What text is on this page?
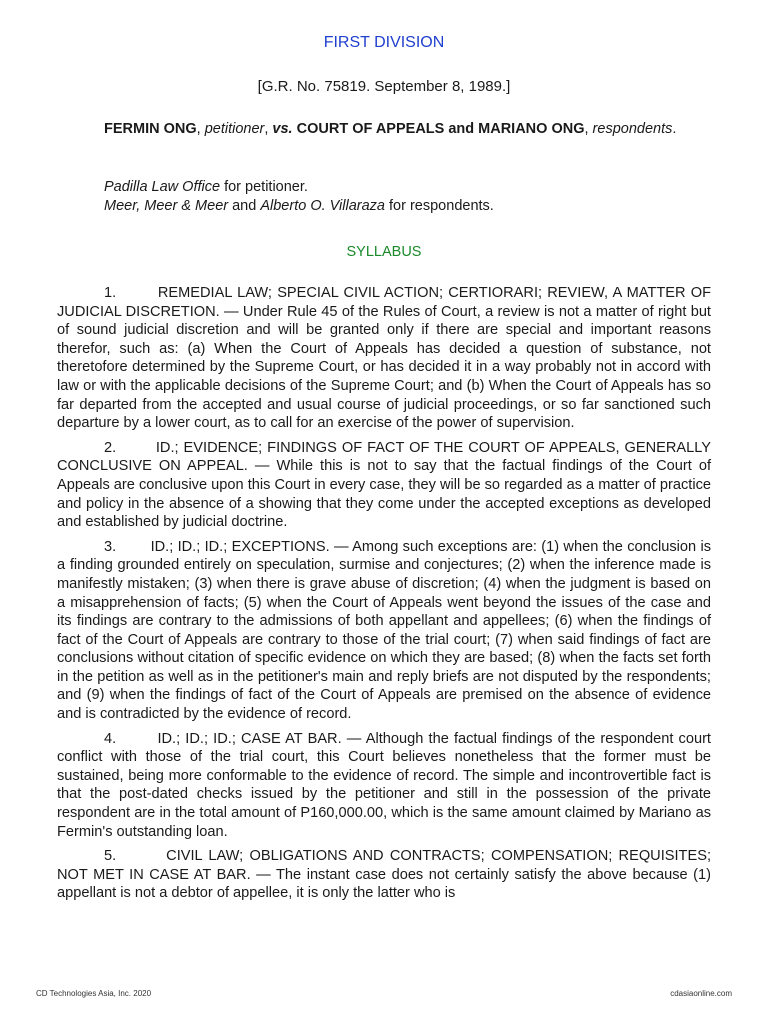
FIRST DIVISION
[G.R. No. 75819. September 8, 1989.]
FERMIN ONG, petitioner, vs. COURT OF APPEALS and MARIANO ONG, respondents.
Padilla Law Office for petitioner.
Meer, Meer & Meer and Alberto O. Villaraza for respondents.
SYLLABUS

1.        REMEDIAL LAW; SPECIAL CIVIL ACTION; CERTIORARI; REVIEW, A MATTER OF JUDICIAL DISCRETION. — Under Rule 45 of the Rules of Court, a review is not a matter of right but of sound judicial discretion and will be granted only if there are special and important reasons therefor, such as: (a) When the Court of Appeals has decided a question of substance, not theretofore determined by the Supreme Court, or has decided it in a way probably not in accord with law or with the applicable decisions of the Supreme Court; and (b) When the Court of Appeals has so far departed from the accepted and usual course of judicial proceedings, or so far sanctioned such departure by a lower court, as to call for an exercise of the power of supervision.

2.        ID.; EVIDENCE; FINDINGS OF FACT OF THE COURT OF APPEALS, GENERALLY CONCLUSIVE ON APPEAL. — While this is not to say that the factual findings of the Court of Appeals are conclusive upon this Court in every case, they will be so regarded as a matter of practice and policy in the absence of a showing that they come under the accepted exceptions as developed and established by judicial doctrine.

3.        ID.; ID.; ID.; EXCEPTIONS. — Among such exceptions are: (1) when the conclusion is a finding grounded entirely on speculation, surmise and conjectures; (2) when the inference made is manifestly mistaken; (3) when there is grave abuse of discretion; (4) when the judgment is based on a misapprehension of facts; (5) when the Court of Appeals went beyond the issues of the case and its findings are contrary to the admissions of both appellant and appellees; (6) when the findings of fact of the Court of Appeals are contrary to those of the trial court; (7) when said findings of fact are conclusions without citation of specific evidence on which they are based; (8) when the facts set forth in the petition as well as in the petitioner's main and reply briefs are not disputed by the respondents; and (9) when the findings of fact of the Court of Appeals are premised on the absence of evidence and is contradicted by the evidence of record.

4.        ID.; ID.; ID.; CASE AT BAR. — Although the factual findings of the respondent court conflict with those of the trial court, this Court believes nonetheless that the former must be sustained, being more conformable to the evidence of record. The simple and incontrovertible fact is that the post-dated checks issued by the petitioner and still in the possession of the private respondent are in the total amount of P160,000.00, which is the same amount claimed by Mariano as Fermin's outstanding loan.

5.        CIVIL LAW; OBLIGATIONS AND CONTRACTS; COMPENSATION; REQUISITES; NOT MET IN CASE AT BAR. — The instant case does not certainly satisfy the above because (1) appellant is not a debtor of appellee, it is only the latter who is

CD Technologies Asia, Inc. 2020	cdasiaonline.com
